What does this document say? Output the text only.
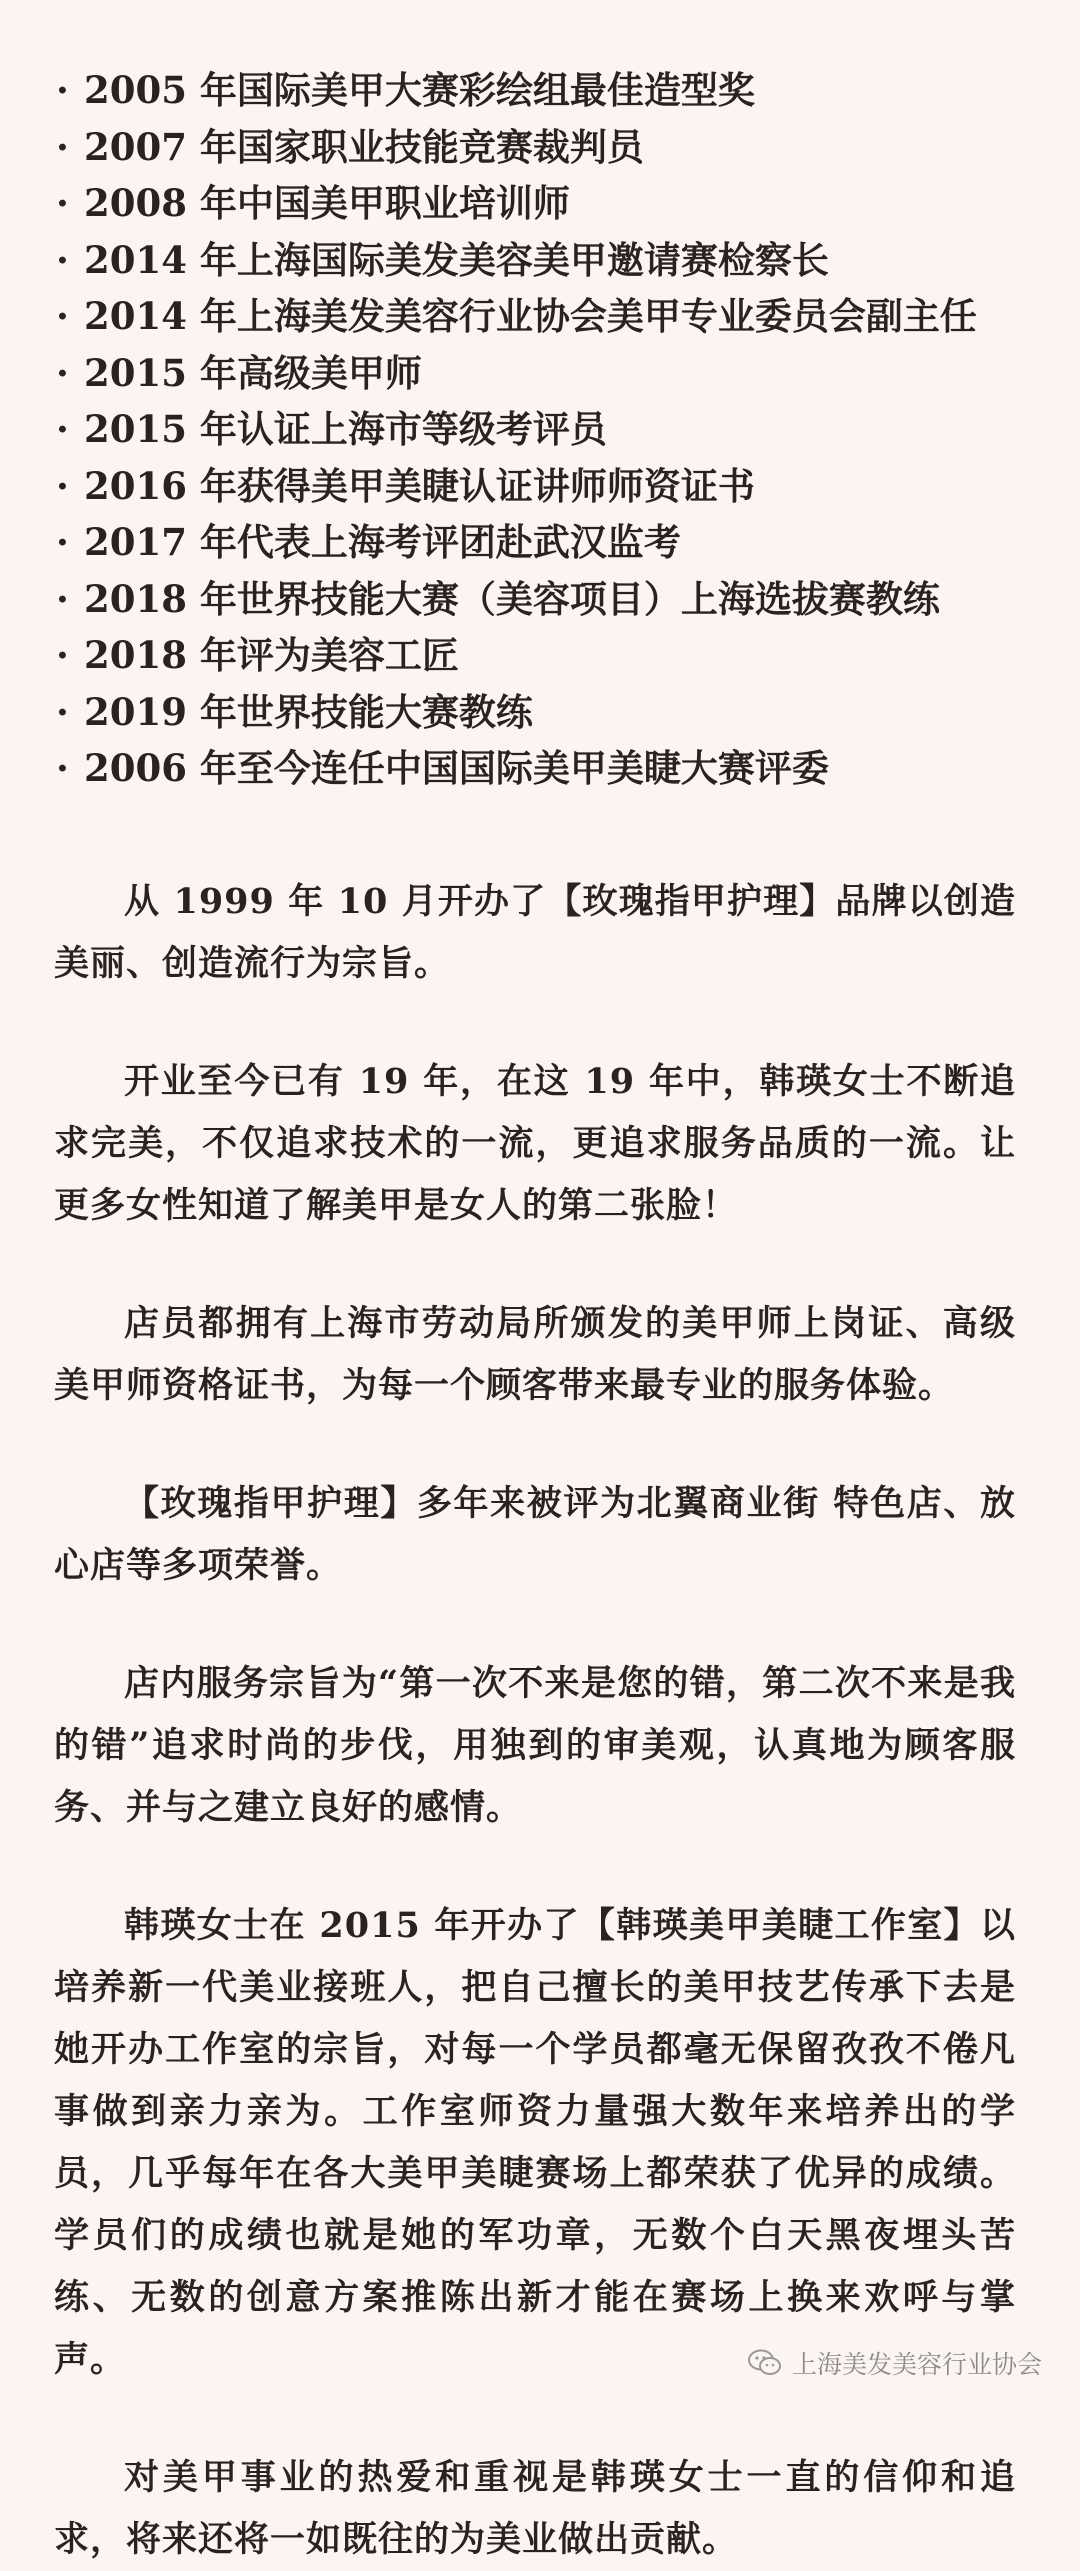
· 2005 年国际美甲大赛彩绘组最佳造型奖
· 2007 年国家职业技能竞赛裁判员
· 2008 年中国美甲职业培训师
· 2014 年上海国际美发美容美甲邀请赛检察长
· 2014 年上海美发美容行业协会美甲专业委员会副主任
· 2015 年高级美甲师
· 2015 年认证上海市等级考评员
· 2016 年获得美甲美睫认证讲师师资证书
· 2017 年代表上海考评团赴武汉监考
· 2018 年世界技能大赛（美容项目）上海选拔赛教练
· 2018 年评为美容工匠
· 2019 年世界技能大赛教练
· 2006 年至今连任中国国际美甲美睫大赛评委

从 1999 年 10 月开办了【玫瑰指甲护理】品牌以创造美丽、创造流行为宗旨。

开业至今已有 19 年，在这 19 年中，韩瑛女士不断追求完美，不仅追求技术的一流，更追求服务品质的一流。让更多女性知道了解美甲是女人的第二张脸！

店员都拥有上海市劳动局所颁发的美甲师上岗证、高级美甲师资格证书，为每一个顾客带来最专业的服务体验。

【玫瑰指甲护理】多年来被评为北翼商业街 特色店、放心店等多项荣誉。

店内服务宗旨为“第一次不来是您的错，第二次不来是我的错”追求时尚的步伐，用独到的审美观，认真地为顾客服务、并与之建立良好的感情。

韩瑛女士在 2015 年开办了【韩瑛美甲美睫工作室】以培养新一代美业接班人，把自己擅长的美甲技艺传承下去是她开办工作室的宗旨，对每一个学员都毫无保留孜孜不倦凡事做到亲力亲为。工作室师资力量强大数年来培养出的学员，几乎每年在各大美甲美睫赛场上都荣获了优异的成绩。学员们的成绩也就是她的军功章，无数个白天黑夜埋头苦练、无数的创意方案推陈出新才能在赛场上换来欢呼与掌声。

对美甲事业的热爱和重视是韩瑛女士一直的信仰和追求，将来还将一如既往的为美业做出贡献。

上海美发美容行业协会
